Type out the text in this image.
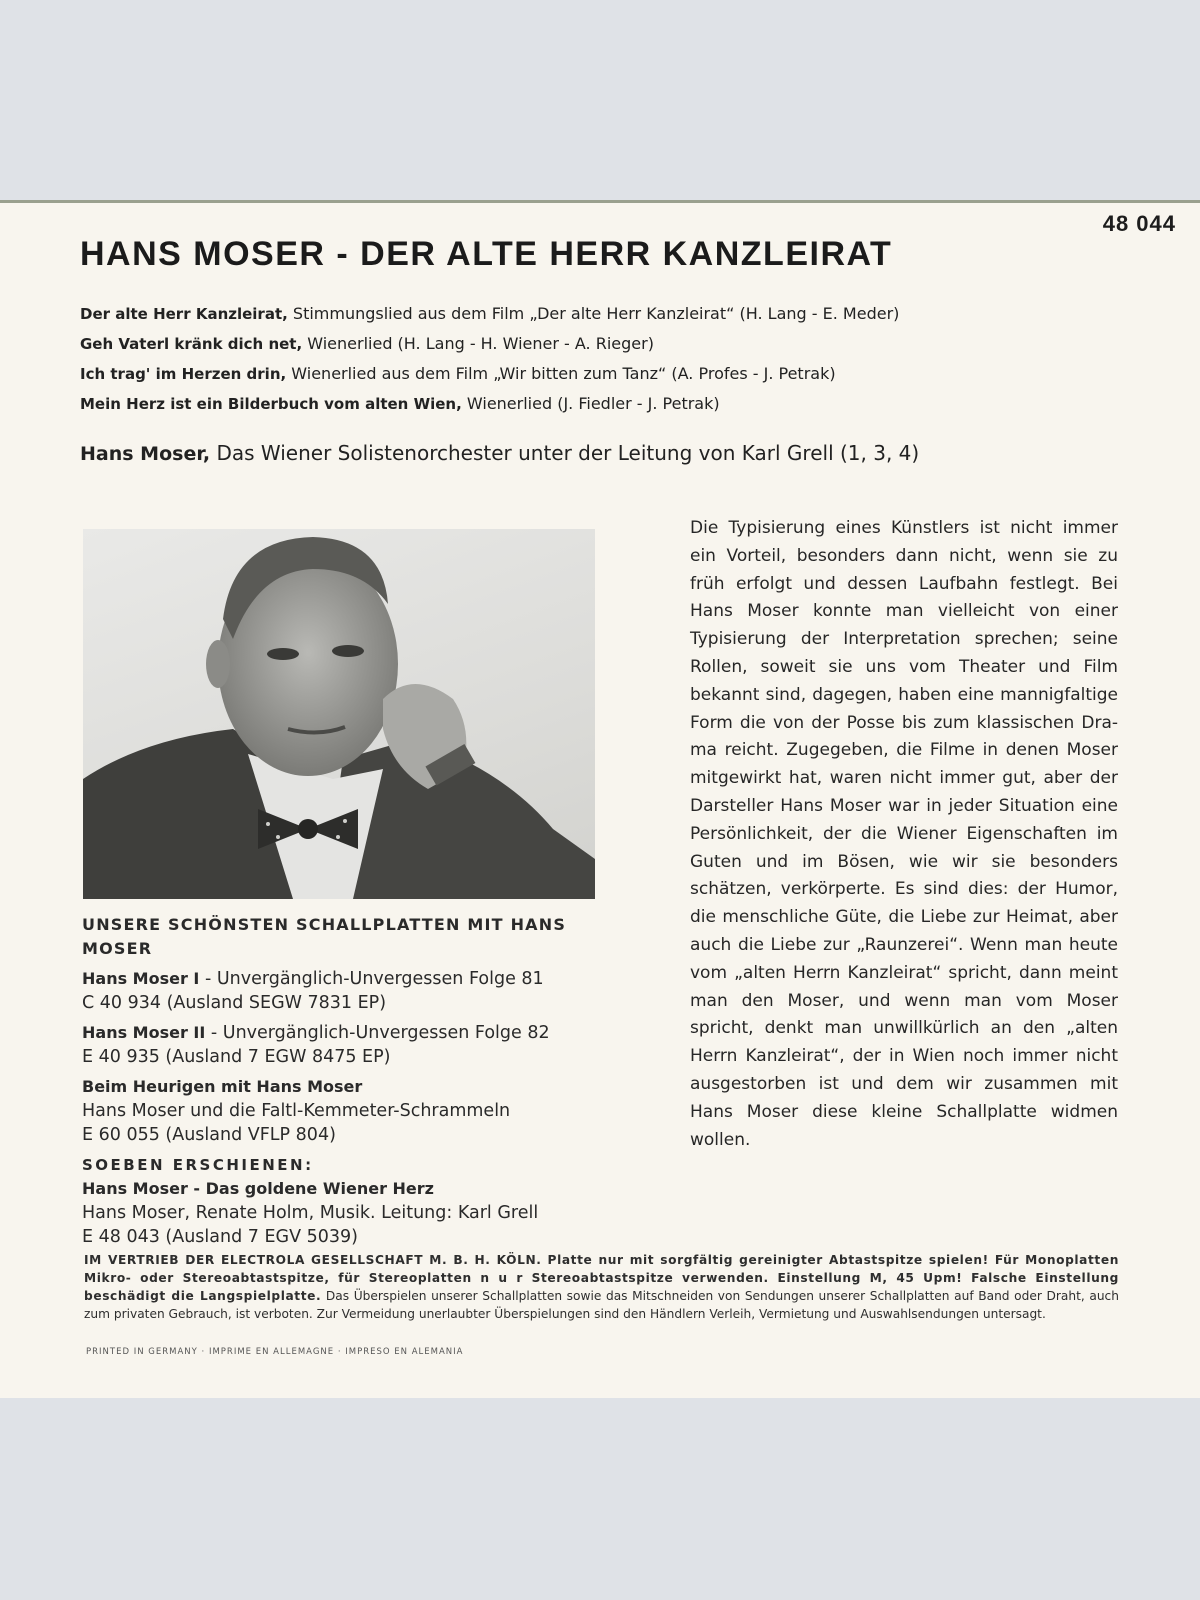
48 044
HANS MOSER - DER ALTE HERR KANZLEIRAT
Der alte Herr Kanzleirat, Stimmungslied aus dem Film „Der alte Herr Kanzleirat“ (H. Lang - E. Meder)
Geh Vaterl kränk dich net, Wienerlied (H. Lang - H. Wiener - A. Rieger)
Ich trag' im Herzen drin, Wienerlied aus dem Film „Wir bitten zum Tanz“ (A. Profes - J. Petrak)
Mein Herz ist ein Bilderbuch vom alten Wien, Wienerlied (J. Fiedler - J. Petrak)
Hans Moser, Das Wiener Solistenorchester unter der Leitung von Karl Grell (1, 3, 4)

Die Typisierung eines Künstlers ist nicht immer ein Vorteil, besonders dann nicht, wenn sie zu früh erfolgt und dessen Laufbahn festlegt. Bei Hans Moser konnte man vielleicht von einer Typisierung der Interpretation sprechen; seine Rollen, soweit sie uns vom Theater und Film bekannt sind, dagegen, haben eine mannigfaltige Form die von der Posse bis zum klassischen Drama reicht. Zugegeben, die Filme in denen Moser mitgewirkt hat, waren nicht immer gut, aber der Darsteller Hans Moser war in jeder Situation eine Persönlichkeit, der die Wiener Eigenschaften im Guten und im Bösen, wie wir sie besonders schätzen, verkörperte. Es sind dies: der Humor, die menschliche Güte, die Liebe zur Heimat, aber auch die Liebe zur „Raunzerei“. Wenn man heute vom „alten Herrn Kanzleirat“ spricht, dann meint man den Moser, und wenn man vom Moser spricht, denkt man unwillkürlich an den „alten Herrn Kanzleirat“, der in Wien noch immer nicht ausgestorben ist und dem wir zusammen mit Hans Moser diese kleine Schallplatte widmen wollen.

UNSERE SCHÖNSTEN SCHALLPLATTEN MIT HANS MOSER
Hans Moser I - Unvergänglich-Unvergessen Folge 81
C 40 934 (Ausland SEGW 7831 EP)
Hans Moser II - Unvergänglich-Unvergessen Folge 82
E 40 935 (Ausland 7 EGW 8475 EP)
Beim Heurigen mit Hans Moser
Hans Moser und die Faltl-Kemmeter-Schrammeln
E 60 055 (Ausland VFLP 804)
SOEBEN ERSCHIENEN:
Hans Moser - Das goldene Wiener Herz
Hans Moser, Renate Holm, Musik. Leitung: Karl Grell
E 48 043 (Ausland 7 EGV 5039)
IM VERTRIEB DER ELECTROLA GESELLSCHAFT M. B. H. KÖLN. Platte nur mit sorgfältig gereinigter Abtastspitze spielen! Für Monoplatten Mikro- oder Stereoabtastspitze, für Stereoplatten n u r Stereoabtastspitze verwenden. Einstellung M, 45 Upm! Falsche Einstellung beschädigt die Langspielplatte. Das Überspielen unserer Schallplatten sowie das Mitschneiden von Sendungen unserer Schallplatten auf Band oder Draht, auch zum privaten Gebrauch, ist verboten. Zur Vermeidung unerlaubter Überspielungen sind den Händlern Verleih, Vermietung und Auswahlsendungen untersagt.
PRINTED IN GERMANY · IMPRIME EN ALLEMAGNE · IMPRESO EN ALEMANIA
